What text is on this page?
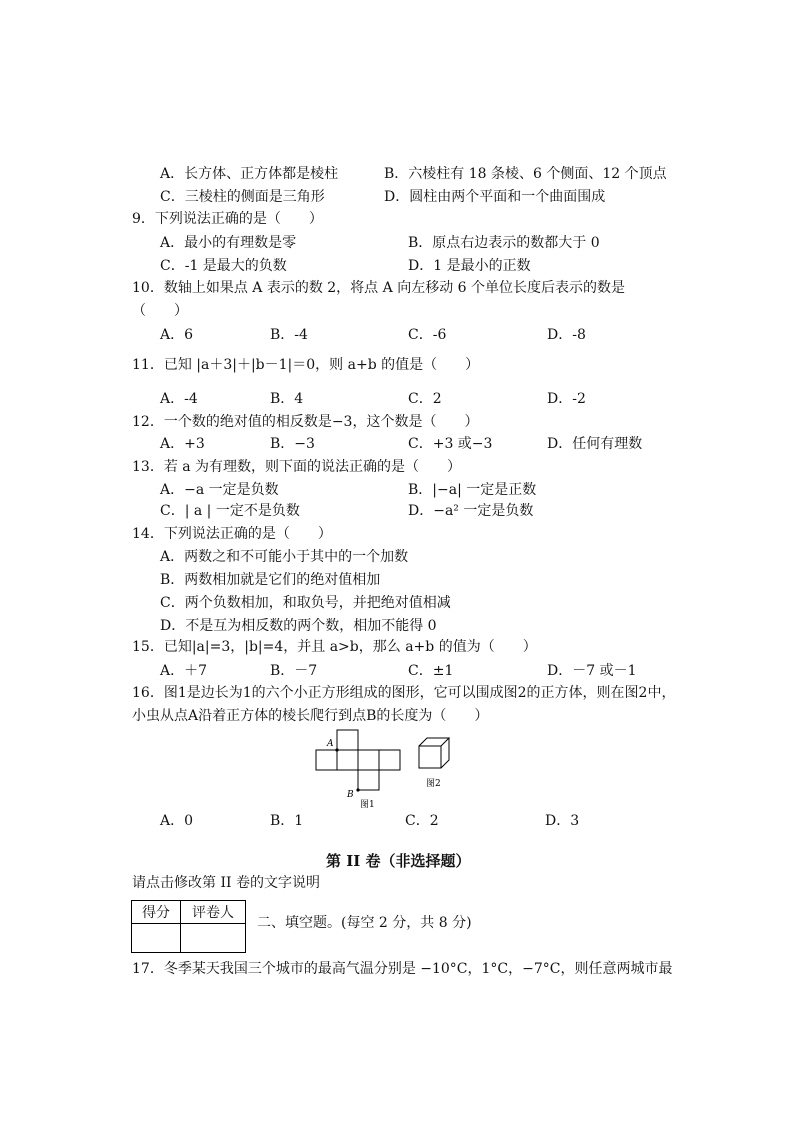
A．长方体、正方体都是棱柱	B．六棱柱有 18 条棱、6 个侧面、12 个顶点
C．三棱柱的侧面是三角形	D．圆柱由两个平面和一个曲面围成
9．下列说法正确的是（　　）
A．最小的有理数是零	B．原点右边表示的数都大于 0
C．-1 是最大的负数	D．1 是最小的正数
10．数轴上如果点 A 表示的数 2，将点 A 向左移动 6 个单位长度后表示的数是
（　　）
A．6	B．-4	C．-6	D．-8
11．已知 |a＋3|＋|b－1|＝0，则 a+b 的值是（　　）
A．-4	B．4	C．2	D．-2
12．一个数的绝对值的相反数是−3，这个数是（　　）
A．+3	B．−3	C．+3 或−3	D．任何有理数
13．若 a 为有理数，则下面的说法正确的是（　　）
A．−a 一定是负数	B．|−a| 一定是正数
C．| a | 一定不是负数	D．−a² 一定是负数
14．下列说法正确的是（　　）
A．两数之和不可能小于其中的一个加数
B．两数相加就是它们的绝对值相加
C．两个负数相加，和取负号，并把绝对值相减
D．不是互为相反数的两个数，相加不能得 0
15．已知|a|=3，|b|=4，并且 a>b，那么 a+b 的值为（　　）
A．＋7	B．－7	C．±1	D．－7 或－1
16．图1是边长为1的六个小正方形组成的图形，它可以围成图2的正方体，则在图2中，
小虫从点A沿着正方体的棱长爬行到点B的长度为（　　）
A
B
图1
图2
A．0	B．1	C．2	D．3
第 II 卷（非选择题）
请点击修改第 II 卷的文字说明
得分	评卷人

二、填空题。(每空 2 分，共 8 分)
17．冬季某天我国三个城市的最高气温分别是 −10°C，1°C，−7°C，则任意两城市最
